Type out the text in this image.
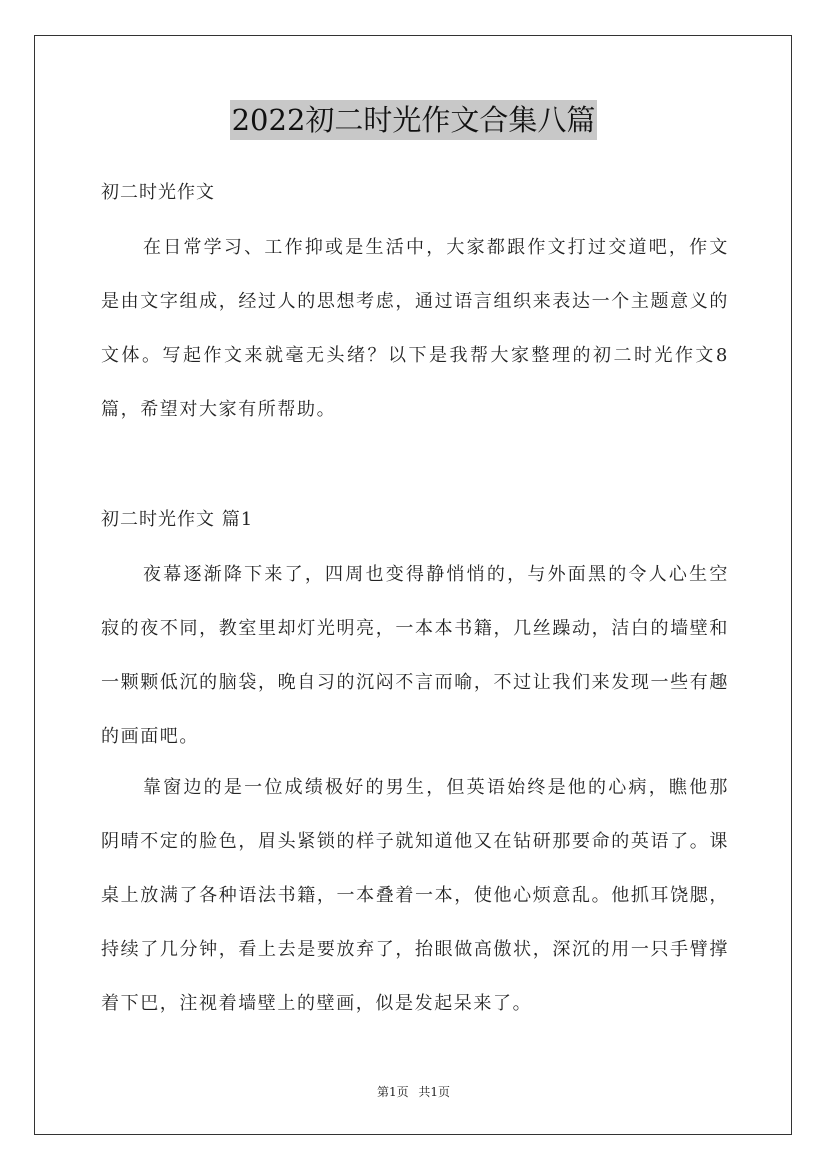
2022初二时光作文合集八篇
初二时光作文

在日常学习、工作抑或是生活中，大家都跟作文打过交道吧，作文是由文字组成，经过人的思想考虑，通过语言组织来表达一个主题意义的文体。写起作文来就毫无头绪？以下是我帮大家整理的初二时光作文8篇，希望对大家有所帮助。

初二时光作文 篇1

夜幕逐渐降下来了，四周也变得静悄悄的，与外面黑的令人心生空寂的夜不同，教室里却灯光明亮，一本本书籍，几丝躁动，洁白的墙壁和一颗颗低沉的脑袋，晚自习的沉闷不言而喻，不过让我们来发现一些有趣的画面吧。

靠窗边的是一位成绩极好的男生，但英语始终是他的心病，瞧他那阴晴不定的脸色，眉头紧锁的样子就知道他又在钻研那要命的英语了。课桌上放满了各种语法书籍，一本叠着一本，使他心烦意乱。他抓耳饶腮，持续了几分钟，看上去是要放弃了，抬眼做高傲状，深沉的用一只手臂撑着下巴，注视着墙壁上的壁画，似是发起呆来了。

第1页 共1页
